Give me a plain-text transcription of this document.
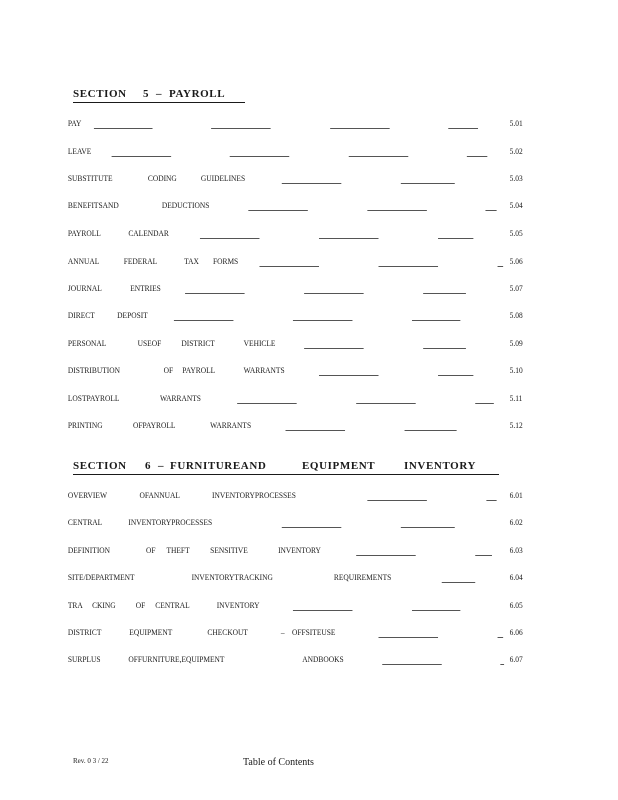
SECTION 5 – PAYROLL
PAY	5.01
LEAVE	5.02
SUBSTITUTE	CODING	GUIDELINES	5.03
BENEFITSAND	DEDUCTIONS	5.04
PAYROLL	CALENDAR	5.05
ANNUAL	FEDERAL	TAX FORMS	5.06
JOURNAL	ENTRIES	5.07
DIRECT	DEPOSIT	5.08
PERSONAL	USEOF	DISTRICT	VEHICLE	5.09
DISTRIBUTION	OF PAYROLL	WARRANTS	5.10
LOSTPAYROLL	WARRANTS	5.11
PRINTING	OFPAYROLL	WARRANTS	5.12
SECTION 6 – FURNITUREAND	EQUIPMENT	INVENTORY
OVERVIEW	OFANNUAL	INVENTORYPROCESSES	6.01
CENTRAL	INVENTORYPROCESSES	6.02
DEFINITION	OF THEFT	SENSITIVE	INVENTORY	6.03
SITE/DEPARTMENT	INVENTORYTRACKING	REQUIREMENTS	6.04
TRA CKING	OF CENTRAL	INVENTORY	6.05
DISTRICT	EQUIPMENT	CHECKOUT	– OFFSITEUSE	6.06
SURPLUS	OFFURNITURE,EQUIPMENT	ANDBOOKS	6.07
Rev. 0 3 / 22	Table of Contents
